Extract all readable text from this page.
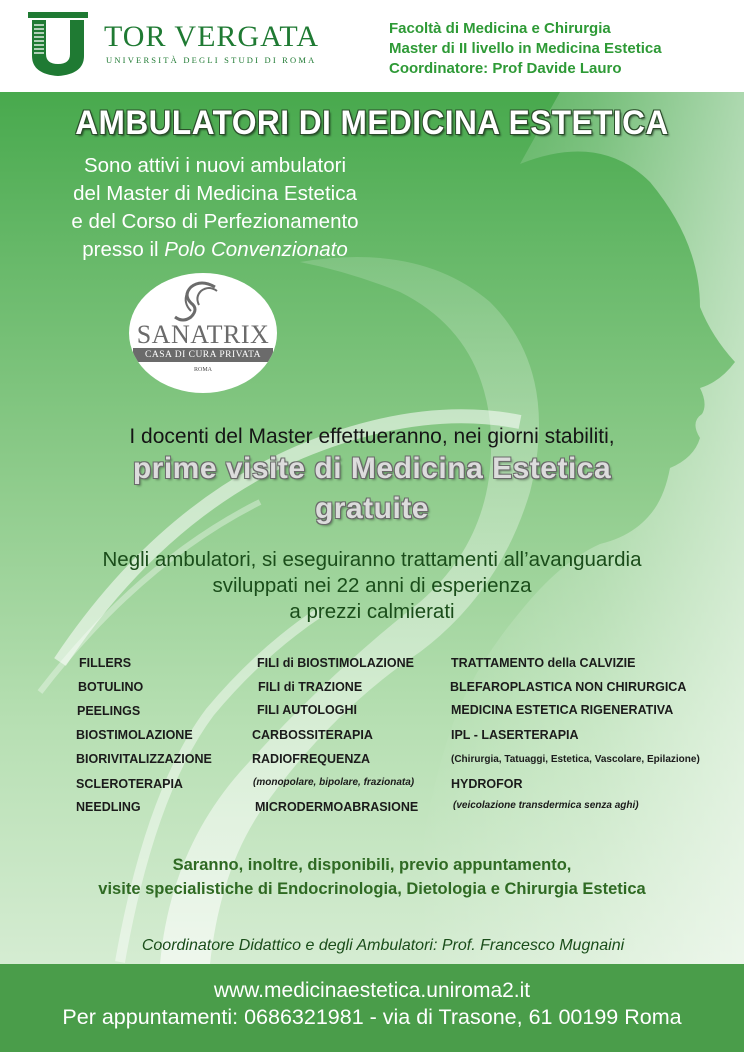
TOR VERGATA
UNIVERSITÀ DEGLI STUDI DI ROMA
Facoltà di Medicina e Chirurgia
Master di II livello in Medicina Estetica
Coordinatore: Prof Davide Lauro
AMBULATORI DI MEDICINA ESTETICA
Sono attivi i nuovi ambulatori
del Master di Medicina Estetica
e del Corso di Perfezionamento
presso il Polo Convenzionato
SANATRIX
CASA DI CURA PRIVATA
ROMA
I docenti del Master effettueranno, nei giorni stabiliti,
prime visite di Medicina Estetica
gratuite
Negli ambulatori, si eseguiranno trattamenti all’avanguardia
sviluppati nei 22 anni di esperienza
a prezzi calmierati
FILLERS
BOTULINO
PEELINGS
BIOSTIMOLAZIONE
BIORIVITALIZZAZIONE
SCLEROTERAPIA
NEEDLING
FILI di BIOSTIMOLAZIONE
FILI di TRAZIONE
FILI AUTOLOGHI
CARBOSSITERAPIA
RADIOFREQUENZA
(monopolare, bipolare, frazionata)
MICRODERMOABRASIONE
TRATTAMENTO della CALVIZIE
BLEFAROPLASTICA NON CHIRURGICA
MEDICINA ESTETICA RIGENERATIVA
IPL - LASERTERAPIA
(Chirurgia, Tatuaggi, Estetica, Vascolare, Epilazione)
HYDROFOR
(veicolazione transdermica senza aghi)
Saranno, inoltre, disponibili, previo appuntamento,
visite specialistiche di Endocrinologia, Dietologia e Chirurgia Estetica
Coordinatore Didattico e degli Ambulatori: Prof. Francesco Mugnaini
www.medicinaestetica.uniroma2.it
Per appuntamenti: 0686321981 - via di Trasone, 61 00199 Roma
